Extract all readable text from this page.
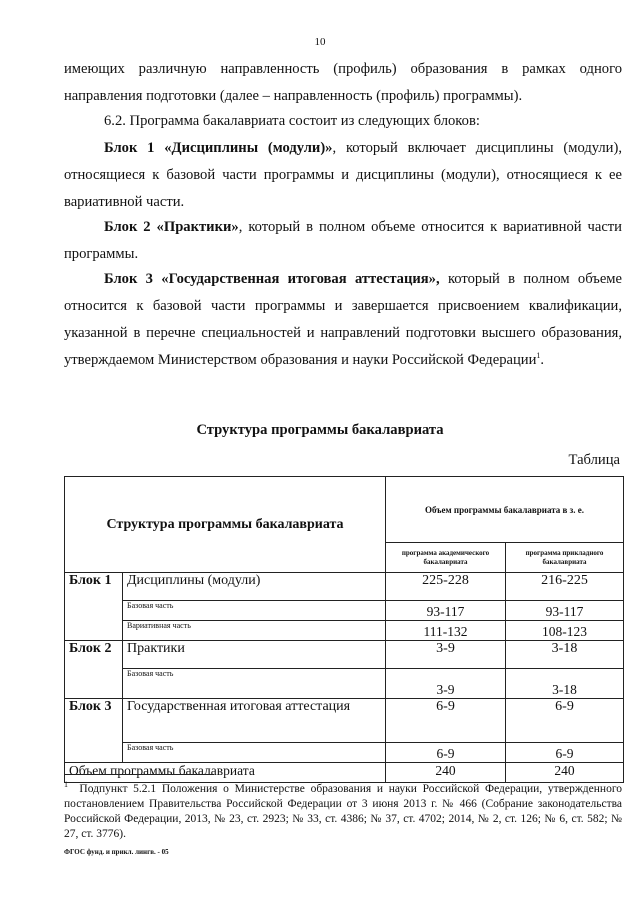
10

имеющих различную направленность (профиль) образования в рамках одного направления подготовки (далее – направленность (профиль) программы).

6.2. Программа бакалавриата состоит из следующих блоков:

Блок 1 «Дисциплины (модули)», который включает дисциплины (модули), относящиеся к базовой части программы и дисциплины (модули), относящиеся к ее вариативной части.

Блок 2 «Практики», который в полном объеме относится к вариативной части программы.

Блок 3 «Государственная итоговая аттестация», который в полном объеме относится к базовой части программы и завершается присвоением квалификации, указанной в перечне специальностей и направлений подготовки высшего образования, утверждаемом Министерством образования и науки Российской Федерации$^1$.

Структура программы бакалавриата
Таблица
Структура программы бакалавриата		Объем программы бакалавриата в з. е.	
		программа академического бакалавриата	программа прикладного бакалавриата
Блок 1	Дисциплины (модули)	225-228	216-225
	Базовая часть	93-117	93-117
	Вариативная часть	111-132	108-123
Блок 2	Практики	3-9	3-18
	Базовая часть	3-9	3-18
Блок 3	Государственная итоговая аттестация	6-9	6-9
	Базовая часть	6-9	6-9
Объем программы бакалавриата		240	240

$^1$ Подпункт 5.2.1 Положения о Министерстве образования и науки Российской Федерации, утвержденного постановлением Правительства Российской Федерации от 3 июня 2013 г. № 466 (Собрание законодательства Российской Федерации, 2013, № 23, ст. 2923; № 33, ст. 4386; № 37, ст. 4702; 2014, № 2, ст. 126; № 6, ст. 582; № 27, ст. 3776).

ФГОС фунд. и прикл. лингв. - 05
